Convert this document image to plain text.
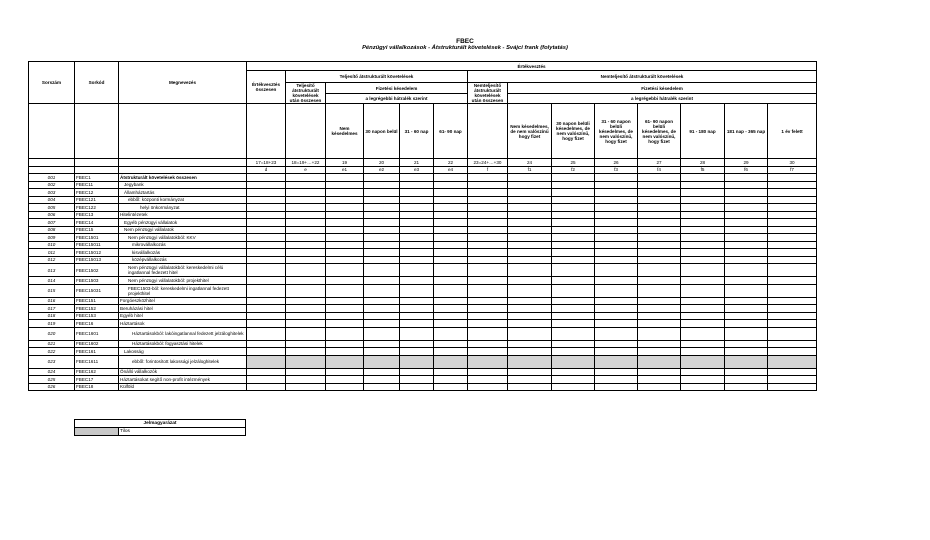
FBEC
Pénzügyi vállalkozások - Átstrukturált követelések - Svájci frank (folytatás)
Sorszám	Sorkód	Megnevezés	Értékvesztés													
			Értékvesztés összesen	Teljesítő átstrukturált követelések					Nemteljesítő átstrukturált követelések							
				Teljesítő átstrukturált követelések után összesen	Fizetési késedelem				Nemteljesítő átstrukturált követelések után összesen	Fizetési késedelem						
					a legrégebbi hátralék szerint					a legrégebbi hátralék szerint						
					Nem késedelmes	30 napon belül	31 - 60 nap	61- 90 nap		Nem késedelmes, de nem valószínű hogy fizet	30 napon belüli késedelmes, de nem valószínű, hogy fizet	31 - 60 napon belüli késedelmes, de nem valószínű, hogy fizet	61- 90 napon belüli késedelmes, de nem valószínű, hogy fizet	91 - 180 nap	181 nap - 365 nap	1 év felett
			17=18+23	18=19+…+22	19	20	21	22	23=24+…+30	24	25	26	27	28	29	30
			d	e	e1	e2	e3	e4	f	f1	f2	f3	f4	f5	f6	f7
001	FBEC1	Átstrukturált követelések összesen														
002	FBEC11	Jegybank														
003	FBEC12	Államháztartás														
004	FBEC121	ebből: központi kormányzat														
005	FBEC122	helyi önkormányzat														
006	FBEC13	Hitelintézetek														
007	FBEC14	Egyéb pénzügyi vállalatok														
008	FBEC15	Nem pénzügyi vállalatok														
009	FBEC1501	Nem pénzügyi vállalatokból: KKV														
010	FBEC15011	mikrovállalkozás														
011	FBEC15012	kisvállalkozás														
012	FBEC15013	középvállalkozás														
013	FBEC1502	Nem pénzügyi vállalatokból: kereskedelmi célú ingatlannal fedezett hitel														
014	FBEC1503	Nem pénzügyi vállalatokból: projekthitel														
015	FBEC15031	FBEC1503-ból: kereskedelmi ingatlannal fedezett projekthitel														
016	FBEC151	Forgóeszközhitel														
017	FBEC152	Beruházási hitel														
018	FBEC153	Egyéb hitel														
019	FBEC16	Háztartások														
020	FBEC1601	Háztartásokból: lakóingatlannal fedezett jelzáloghitelek														
021	FBEC1602	Háztartásokból: fogyasztási hitelek														
022	FBEC161	Lakosság														
023	FBEC1611	ebből: forintosított lakossági jelzáloghitelek														
024	FBEC162	Önálló vállalkozók														
025	FBEC17	Háztartásokat segítő non-profit intézmények														
026	FBEC18	Külföld														
Jelmagyarázat
	Tilos
